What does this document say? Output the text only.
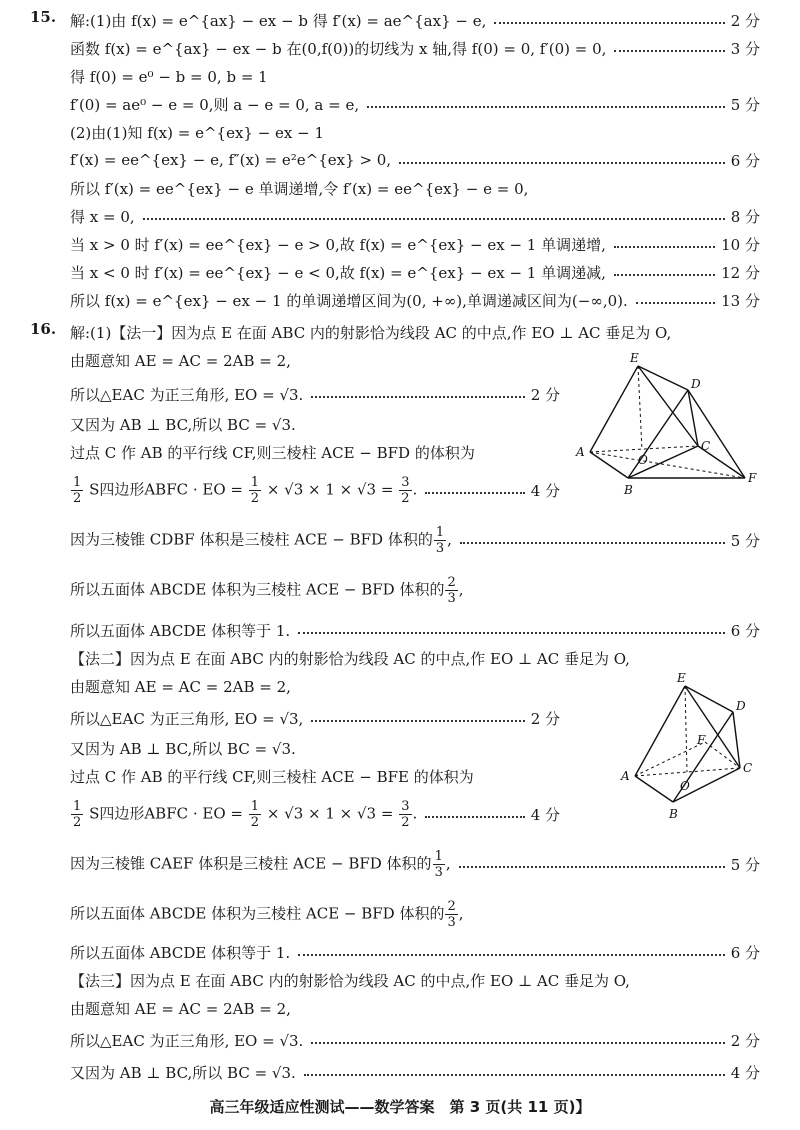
15. 解:(1)由 f(x) = e^{ax} − ex − b 得 f′(x) = ae^{ax} − e,	2 分
函数 f(x) = e^{ax} − ex − b 在(0,f(0))的切线为 x 轴,得 f(0) = 0, f′(0) = 0,	3 分
得 f(0) = e⁰ − b = 0, b = 1
f′(0) = ae⁰ − e = 0,则 a − e = 0, a = e,	5 分
(2)由(1)知 f(x) = e^{ex} − ex − 1
f′(x) = ee^{ex} − e, f″(x) = e²e^{ex} > 0,	6 分
所以 f′(x) = ee^{ex} − e 单调递增,令 f′(x) = ee^{ex} − e = 0,
得 x = 0,	8 分
当 x > 0 时 f′(x) = ee^{ex} − e > 0,故 f(x) = e^{ex} − ex − 1 单调递增,	10 分
当 x < 0 时 f′(x) = ee^{ex} − e < 0,故 f(x) = e^{ex} − ex − 1 单调递减,	12 分
所以 f(x) = e^{ex} − ex − 1 的单调递增区间为(0, +∞),单调递减区间为(−∞,0).	13 分
16. 解:(1)【法一】因为点 E 在面 ABC 内的射影恰为线段 AC 的中点,作 EO ⊥ AC 垂足为 O,
由题意知 AE = AC = 2AB = 2,
所以△EAC 为正三角形, EO = √3.	2 分
又因为 AB ⊥ BC,所以 BC = √3.
过点 C 作 AB 的平行线 CF,则三棱柱 ACE − BFD 的体积为
$\frac{1}{2}$ S四边形ABFC · EO = $\frac{1}{2} \times √3 \times 1 \times √3 = \frac{3}{2}$ .	4 分
因为三棱锥 CDBF 体积是三棱柱 ACE − BFD 体积的 $\frac{1}{3}$ ,	5 分
所以五面体 ABCDE 体积为三棱柱 ACE − BFD 体积的 $\frac{2}{3}$ ,
所以五面体 ABCDE 体积等于 1.	6 分
【法二】因为点 E 在面 ABC 内的射影恰为线段 AC 的中点,作 EO ⊥ AC 垂足为 O,
由题意知 AE = AC = 2AB = 2,
所以△EAC 为正三角形, EO = √3,	2 分
又因为 AB ⊥ BC,所以 BC = √3.
过点 C 作 AB 的平行线 CF,则三棱柱 ACE − BFE 的体积为
$\frac{1}{2}$ S四边形ABFC · EO = $\frac{1}{2} \times √3 \times 1 \times √3 = \frac{3}{2}$ .	4 分
因为三棱锥 CAEF 体积是三棱柱 ACE − BFD 体积的 $\frac{1}{3}$ ,	5 分
所以五面体 ABCDE 体积为三棱柱 ACE − BFD 体积的 $\frac{2}{3}$ ,
所以五面体 ABCDE 体积等于 1.	6 分
【法三】因为点 E 在面 ABC 内的射影恰为线段 AC 的中点,作 EO ⊥ AC 垂足为 O,
由题意知 AE = AC = 2AB = 2,
所以△EAC 为正三角形, EO = √3.	2 分
又因为 AB ⊥ BC,所以 BC = √3.	4 分
E
D
A
O
C
B
F
E
D
F
A
O
C
B
高三年级适应性测试——数学答案　第 3 页(共 11 页)】
